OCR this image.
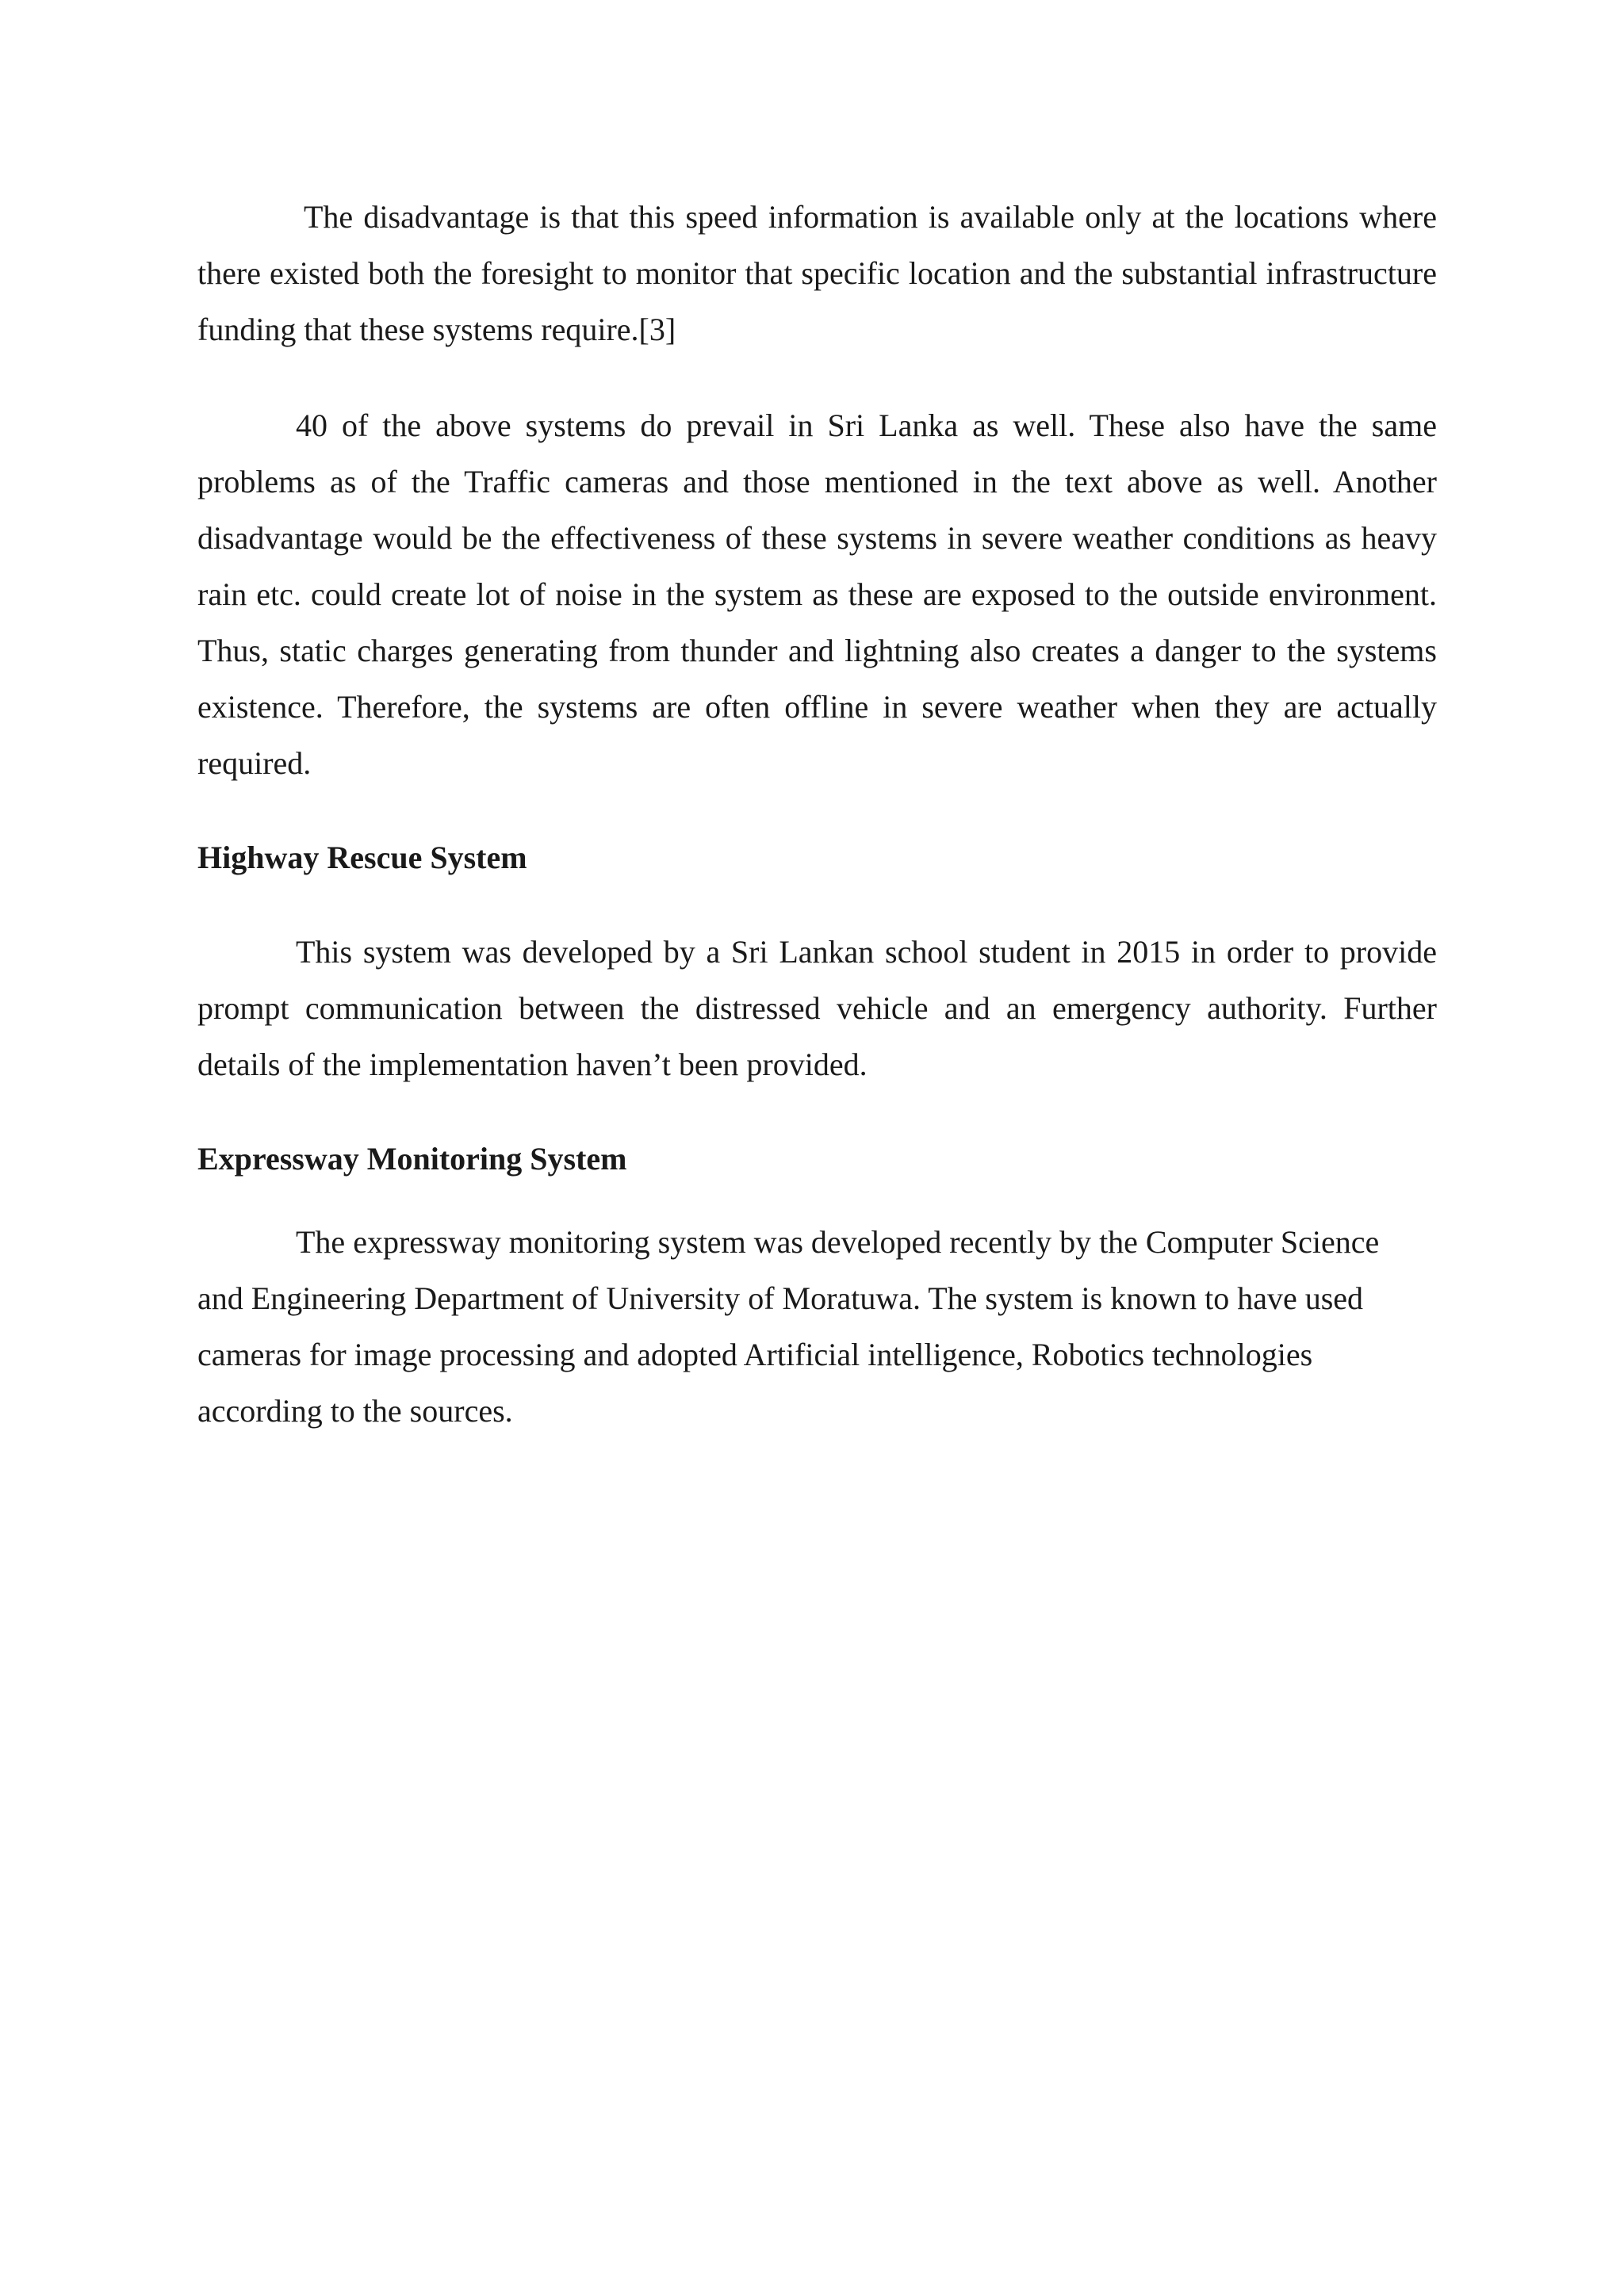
The disadvantage is that this speed information is available only at the locations where there existed both the foresight to monitor that specific location and the substantial infrastructure funding that these systems require.[3]

40 of the above systems do prevail in Sri Lanka as well. These also have the same problems as of the Traffic cameras and those mentioned in the text above as well. Another disadvantage would be the effectiveness of these systems in severe weather conditions as heavy rain etc. could create lot of noise in the system as these are exposed to the outside environment. Thus, static charges generating from thunder and lightning also creates a danger to the systems existence. Therefore, the systems are often offline in severe weather when they are actually required.

Highway Rescue System

This system was developed by a Sri Lankan school student in 2015 in order to provide prompt communication between the distressed vehicle and an emergency authority. Further details of the implementation haven’t been provided.

Expressway Monitoring System

The expressway monitoring system was developed recently by the Computer Science and Engineering Department of University of Moratuwa. The system is known to have used cameras for image processing and adopted Artificial intelligence, Robotics technologies according to the sources.
